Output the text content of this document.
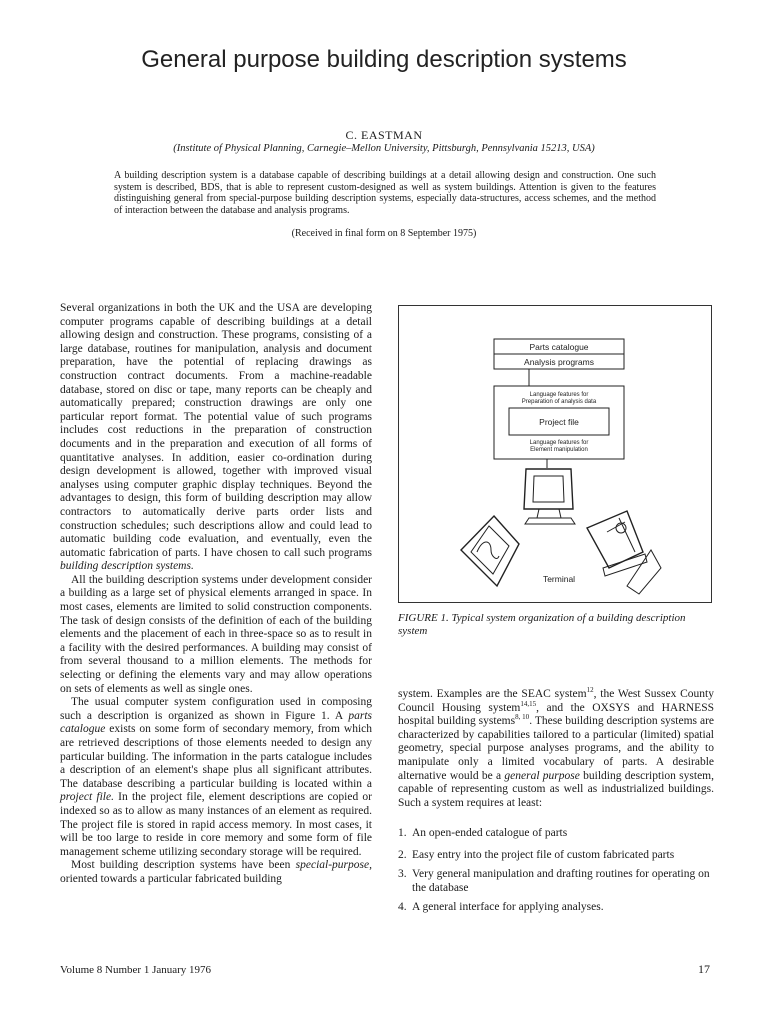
General purpose building description systems
C. EASTMAN
(Institute of Physical Planning, Carnegie–Mellon University, Pittsburgh, Pennsylvania 15213, USA)

A building description system is a database capable of describing buildings at a detail allowing design and construction. One such system is described, BDS, that is able to represent custom-designed as well as system buildings. Attention is given to the features distinguishing general from special-purpose building description systems, especially data-structures, access schemes, and the method of interaction between the database and analysis programs.

(Received in final form on 8 September 1975)

Several organizations in both the UK and the USA are developing computer programs capable of describing buildings at a detail allowing design and construction. These programs, consisting of a large database, routines for manipulation, analysis and document preparation, have the potential of replacing drawings as construction contract documents. From a machine-readable database, stored on disc or tape, many reports can be cheaply and automatically prepared; construction drawings are only one particular report format. The potential value of such programs includes cost reductions in the preparation of construction documents and in the preparation and execution of all forms of quantitative analyses. In addition, easier co-ordination during design development is allowed, together with improved visual analyses using computer graphic display techniques. Beyond the advantages to design, this form of building description may allow contractors to automatically derive parts order lists and construction schedules; such descriptions allow and could lead to automatic building code evaluation, and eventually, even the automatic fabrication of parts. I have chosen to call such programs building description systems.

All the building description systems under development consider a building as a large set of physical elements arranged in space. In most cases, elements are limited to solid construction components. The task of design consists of the definition of each of the building elements and the placement of each in three-space so as to result in a facility with the desired performances. A building may consist of from several thousand to a million elements. The methods for selecting or defining the elements vary and may allow operations on sets of elements as well as single ones.

The usual computer system configuration used in composing such a description is organized as shown in Figure 1. A parts catalogue exists on some form of secondary memory, from which are retrieved descriptions of those elements needed to design any particular building. The information in the parts catalogue includes a description of an element's shape plus all significant attributes. The database describing a particular building is located within a project file. In the project file, element descriptions are copied or indexed so as to allow as many instances of an element as required. The project file is stored in rapid access memory. In most cases, it will be too large to reside in core memory and some form of file management scheme utilizing secondary storage will be required.

Most building description systems have been special-purpose, oriented towards a particular fabricated building

Parts catalogue
Analysis programs
Language features for
Preparation of analysis data
Project file
Language features for
Element manipulation
Terminal
FIGURE 1. Typical system organization of a building description system

system. Examples are the SEAC system$^{12}$, the West Sussex County Council Housing system$^{14,15}$, and the OXSYS and HARNESS hospital building systems$^{8, 10}$. These building description systems are characterized by capabilities tailored to a particular (limited) spatial geometry, special purpose analyses programs, and the ability to manipulate only a limited vocabulary of parts. A desirable alternative would be a general purpose building description system, capable of representing custom as well as industrialized buildings. Such a system requires at least:

1. An open-ended catalogue of parts
2. Easy entry into the project file of custom fabricated parts
3. Very general manipulation and drafting routines for operating on the database
4. A general interface for applying analyses.
Volume 8 Number 1 January 1976	17
